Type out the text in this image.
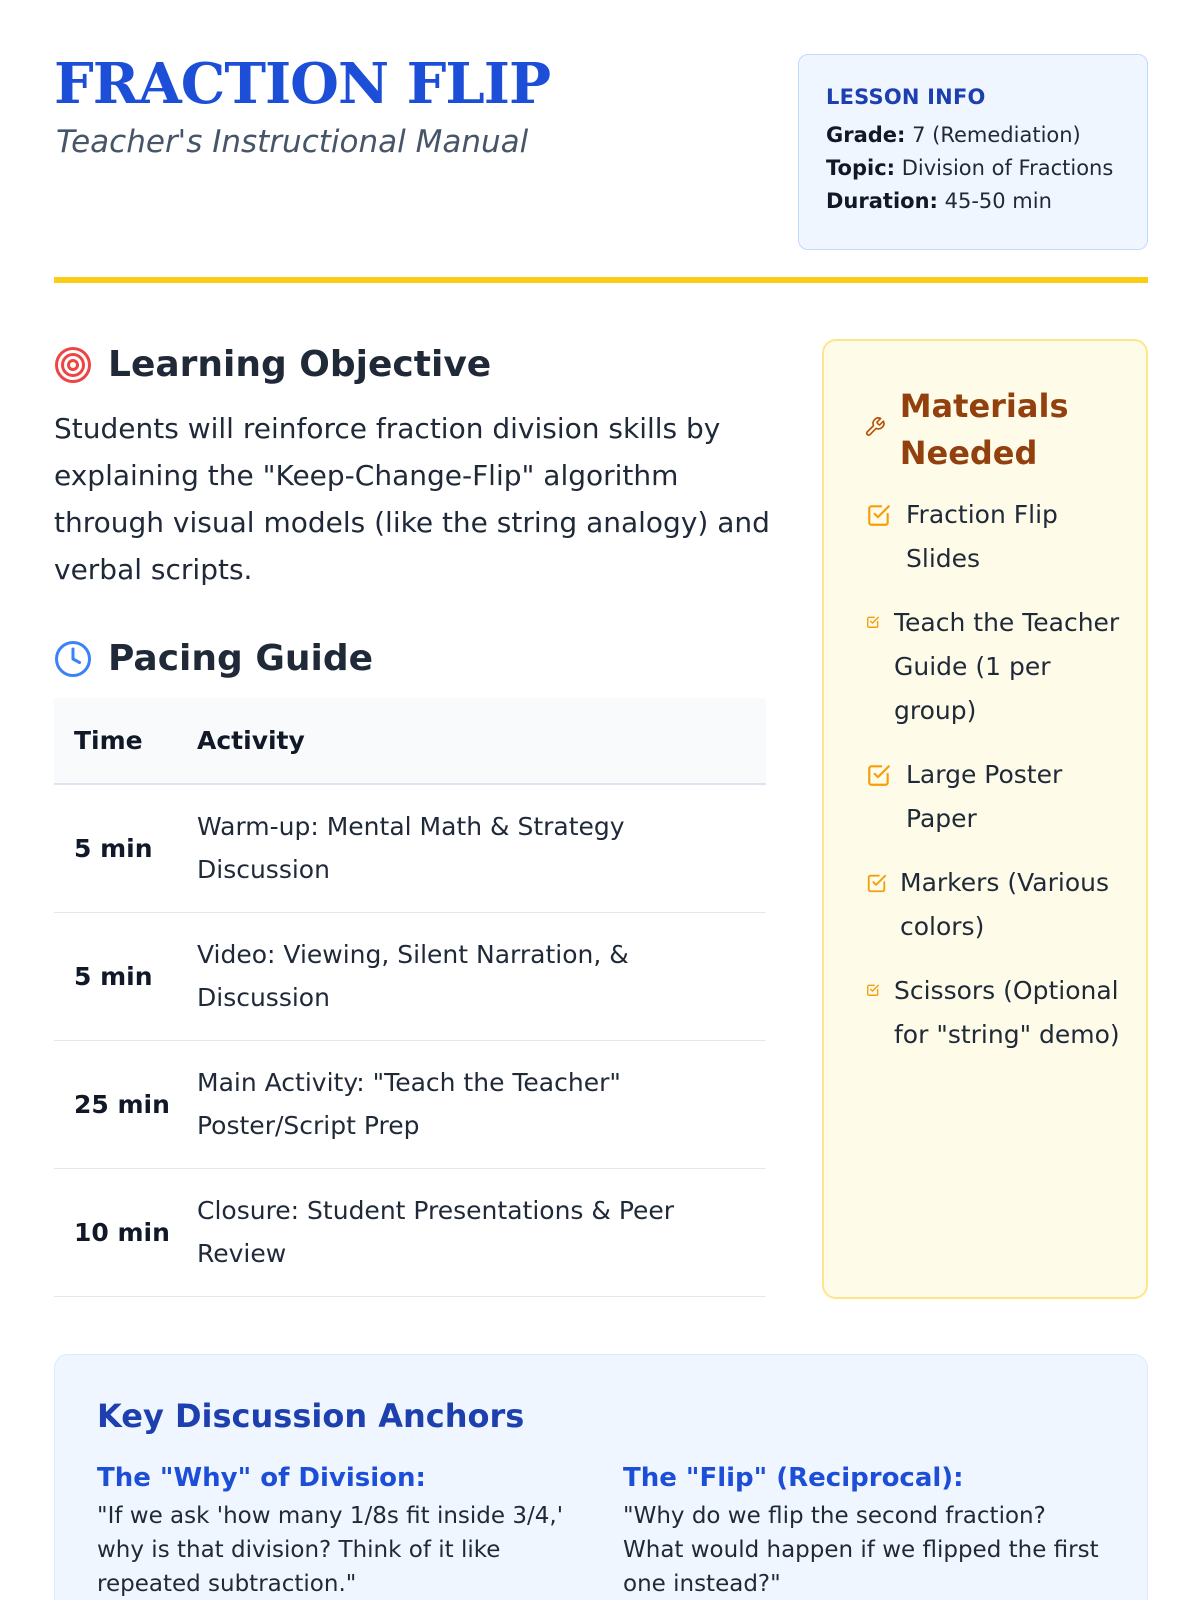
FRACTION FLIP
Teacher's Instructional Manual
LESSON INFO
Grade: 7 (Remediation)
Topic: Division of Fractions
Duration: 45-50 min
Learning Objective

Students will reinforce fraction division skills by explaining the "Keep-Change-Flip" algorithm through visual models (like the string analogy) and verbal scripts.

Pacing Guide
Time	Activity
5 min	Warm-up: Mental Math & Strategy Discussion
5 min	Video: Viewing, Silent Narration, & Discussion
25 min	Main Activity: "Teach the Teacher" Poster/Script Prep
10 min	Closure: Student Presentations & Peer Review
Materials Needed
Fraction Flip Slides
Teach the Teacher Guide (1 per group)
Large Poster Paper
Markers (Various colors)
Scissors (Optional for "string" demo)
Key Discussion Anchors
The "Why" of Division:
"If we ask 'how many 1/8s fit inside 3/4,' why is that division? Think of it like repeated subtraction."
The "Flip" (Reciprocal):
"Why do we flip the second fraction? What would happen if we flipped the first one instead?"
